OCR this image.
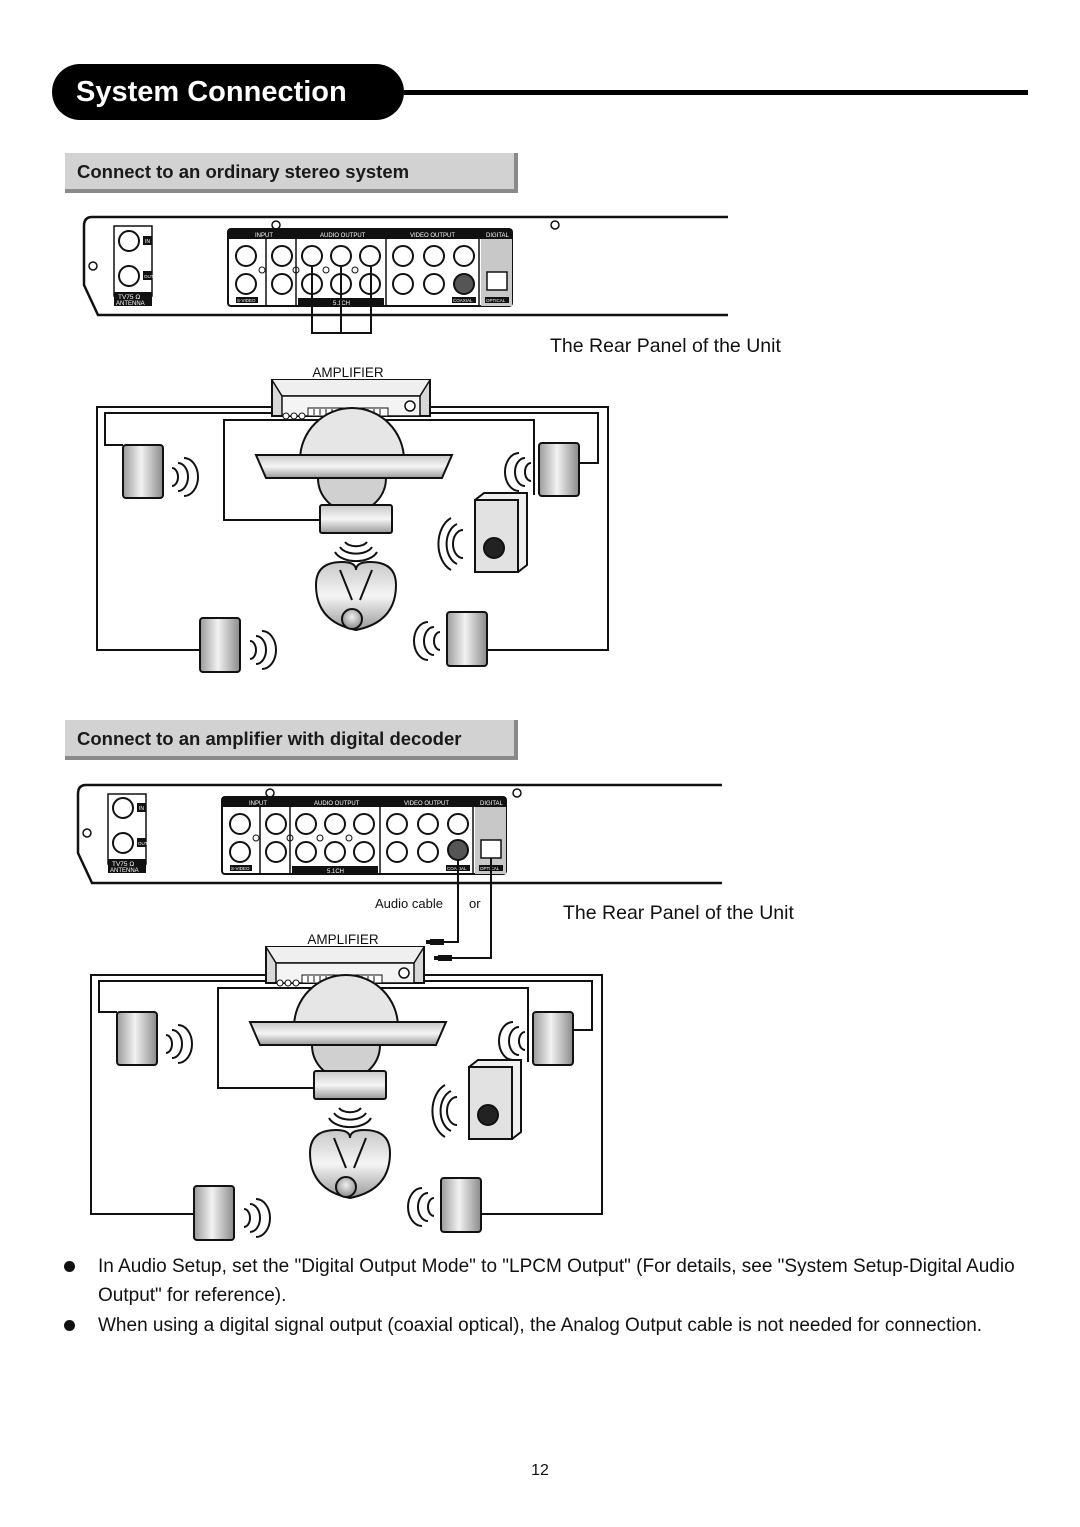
System Connection
Connect to an ordinary stereo system
IN
OUT
TV75 Ω
ANTENNA
INPUT	AUDIO OUTPUT	VIDEO OUTPUT	DIGITAL
5.1CH
S-VIDEO	COAXIAL	OPTICAL
AMPLIFIER
The Rear Panel of the Unit
Connect to an amplifier with digital decoder
IN
OUT
TV75 Ω
ANTENNA
INPUT	AUDIO OUTPUT	VIDEO OUTPUT	DIGITAL
5.1CH
S-VIDEO	COAXIAL	OPTICAL
Audio cable or
AMPLIFIER
The Rear Panel of the Unit
In Audio Setup, set the "Digital Output Mode" to "LPCM Output" (For details, see "System Setup-Digital Audio Output" for reference).
When using a digital signal output (coaxial optical), the Analog Output cable is not needed for connection.
12
